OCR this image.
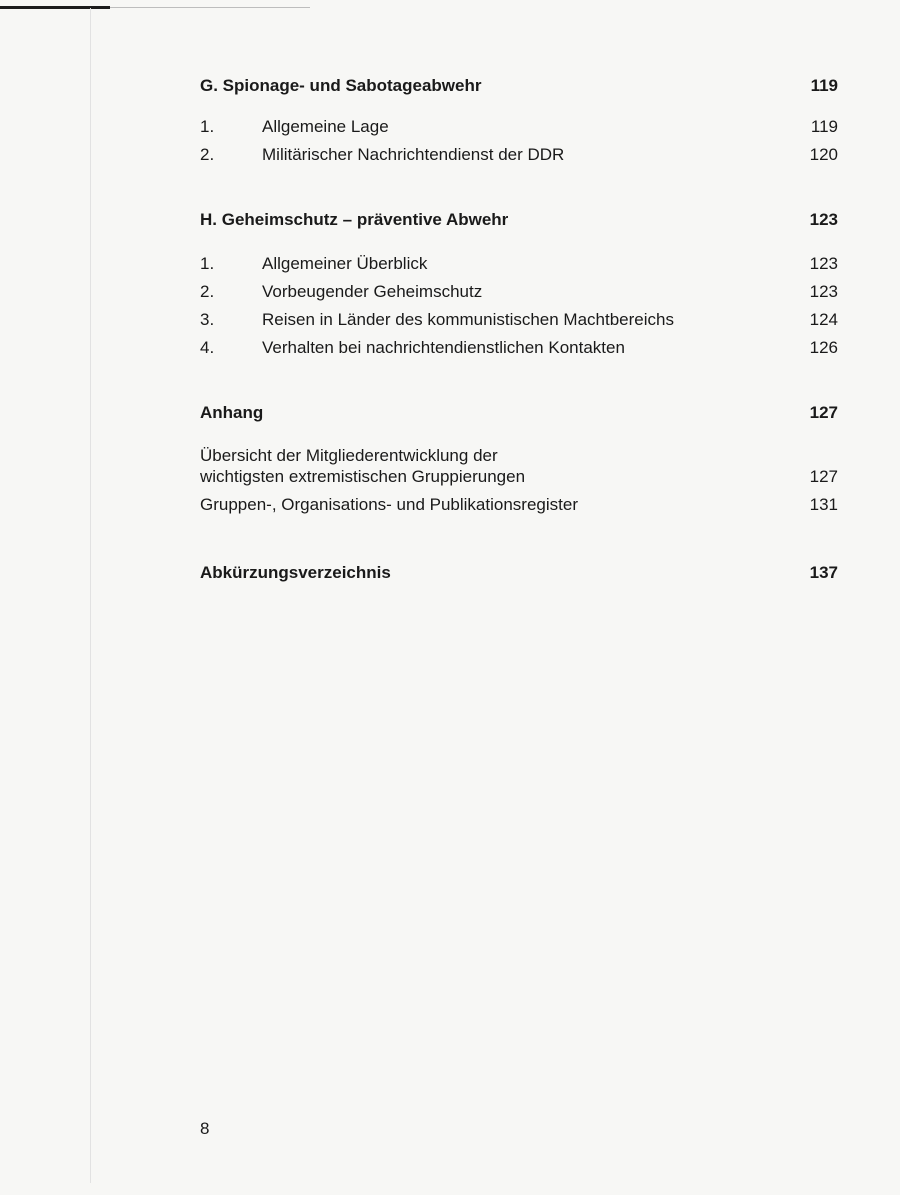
G. Spionage- und Sabotageabwehr	119
1.	Allgemeine Lage	119
2.	Militärischer Nachrichtendienst der DDR	120
H. Geheimschutz – präventive Abwehr	123
1.	Allgemeiner Überblick	123
2.	Vorbeugender Geheimschutz	123
3.	Reisen in Länder des kommunistischen Machtbereichs	124
4.	Verhalten bei nachrichtendienstlichen Kontakten	126
Anhang	127
Übersicht der Mitgliederentwicklung der
wichtigsten extremistischen Gruppierungen	127
Gruppen-, Organisations- und Publikationsregister	131
Abkürzungsverzeichnis	137
8
